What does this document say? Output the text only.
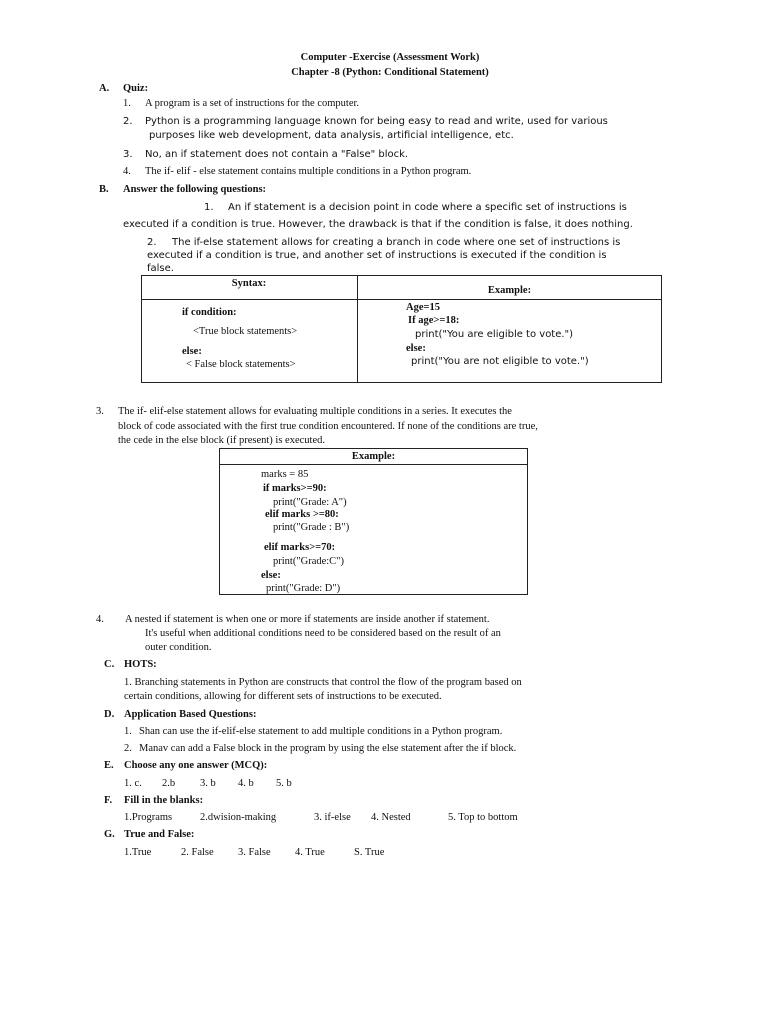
Computer -Exercise (Assessment Work)
Chapter -8 (Python: Conditional Statement)
A. Quiz:
1. A program is a set of instructions for the computer.
2. Python is a programming language known for being easy to read and write, used for various
purposes like web development, data analysis, artificial intelligence, etc.
3. No, an if statement does not contain a "False" block.
4. The if- elif - else statement contains multiple conditions in a Python program.
B. Answer the following questions:
1. An if statement is a decision point in code where a specific set of instructions is
executed if a condition is true. However, the drawback is that if the condition is false, it does nothing.
2. The if-else statement allows for creating a branch in code where one set of instructions is
executed if a condition is true, and another set of instructions is executed if the condition is
false.
Syntax:
Example:
if condition:
<True block statements>
else:
< False block statements>
Age=15
If age>=18:
print("You are eligible to vote.")
else:
print("You are not eligible to vote.")
3. The if- elif-else statement allows for evaluating multiple conditions in a series. It executes the
block of code associated with the first true condition encountered. If none of the conditions are true,
the cede in the else block (if present) is executed.
Example:
marks = 85
if marks>=90:
print("Grade: A")
elif marks >=80:
print("Grade : B")
elif marks>=70:
print("Grade:C")
else:
print("Grade: D")
4. A nested if statement is when one or more if statements are inside another if statement.
It's useful when additional conditions need to be considered based on the result of an
outer condition.
C. HOTS:
1. Branching statements in Python are constructs that control the flow of the program based on
certain conditions, allowing for different sets of instructions to be executed.
D. Application Based Questions:
1. Shan can use the if-elif-else statement to add multiple conditions in a Python program.
2. Manav can add a False block in the program by using the else statement after the if block.
E. Choose any one answer (MCQ):
1. c. 2.b 3. b 4. b 5. b
F. Fill in the blanks:
1.Programs	2.dwision-making	3. if-else 4. Nested	5. Top to bottom
G. True and False:
1.True	2. False 3. False 4. True	S. True
